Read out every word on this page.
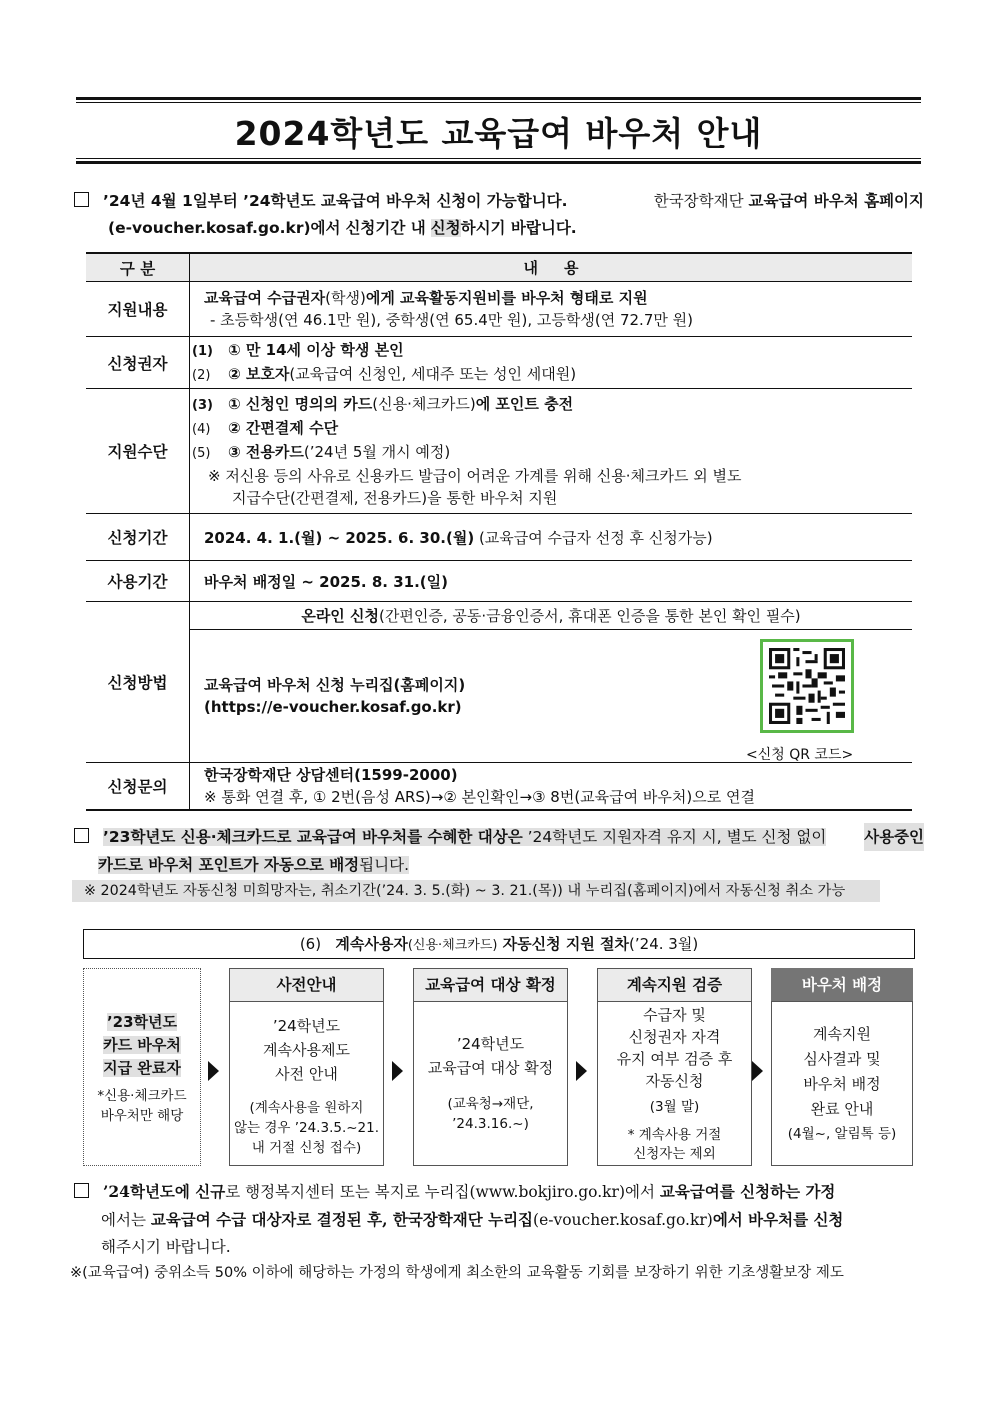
2024학년도 교육급여 바우처 안내
’24년 4월 1일부터 ’24학년도 교육급여 바우처 신청이 가능합니다.	한국장학재단 교육급여 바우처 홈페이지
(e-voucher.kosaf.go.kr)에서 신청기간 내 신청하시기 바랍니다.
구 분	내     용
지원내용	교육급여 수급권자(학생)에게 교육활동지원비를 바우처 형태로 지원
- 초등학생(연 46.1만 원), 중학생(연 65.4만 원), 고등학생(연 72.7만 원)

신청권자	(1) ① 만 14세 이상 학생 본인
(2) ② 보호자(교육급여 신청인, 세대주 또는 성인 세대원)

지원수단	(3) ① 신청인 명의의 카드(신용·체크카드)에 포인트 충전
(4) ② 간편결제 수단
(5) ③ 전용카드(’24년 5월 개시 예정)
※ 저신용 등의 사유로 신용카드 발급이 어려운 가계를 위해 신용·체크카드 외 별도
지급수단(간편결제, 전용카드)을 통한 바우처 지원

신청기간	2024. 4. 1.(월) ~ 2025. 6. 30.(월) (교육급여 수급자 선정 후 신청가능)
사용기간	바우처 배정일 ~ 2025. 8. 31.(일)
신청방법	온라인 신청(간편인증, 공동·금융인증서, 휴대폰 인증을 통한 본인 확인 필수)

	교육급여 바우처 신청 누리집(홈페이지)
(https://e-voucher.kosaf.go.kr)

신청문의	한국장학재단 상담센터(1599-2000)
※ 통화 연결 후, ① 2번(음성 ARS)→② 본인확인→③ 8번(교육급여 바우처)으로 연결
<신청 QR 코드>
’23학년도 신용·체크카드로 교육급여 바우처를 수혜한 대상은 ’24학년도 지원자격 유지 시, 별도 신청 없이 사용중인
카드로 바우처 포인트가 자동으로 배정됩니다.
※ 2024학년도 자동신청 미희망자는, 취소기간(’24. 3. 5.(화) ~ 3. 21.(목)) 내 누리집(홈페이지)에서 자동신청 취소 가능
(6) 계속사용자(신용·체크카드) 자동신청 지원 절차(’24. 3월)
’23학년도
카드 바우처
지급 완료자
*신용·체크카드
바우처만 해당
사전안내
’24학년도
계속사용제도
사전 안내
(계속사용을 원하지
않는 경우 ’24.3.5.~21.
내 거절 신청 접수)
교육급여 대상 확정
’24학년도
교육급여 대상 확정
(교육청→재단,
’24.3.16.~)
계속지원 검증
수급자 및
신청권자 자격
유지 여부 검증 후
자동신청
(3월 말)
* 계속사용 거절
신청자는 제외
바우처 배정
계속지원
심사결과 및
바우처 배정
완료 안내
(4월~, 알림톡 등)
’24학년도에 신규로 행정복지센터 또는 복지로 누리집(www.bokjiro.go.kr)에서 교육급여를 신청하는 가정
에서는 교육급여 수급 대상자로 결정된 후, 한국장학재단 누리집(e-voucher.kosaf.go.kr)에서 바우처를 신청
해주시기 바랍니다.
※(교육급여) 중위소득 50% 이하에 해당하는 가정의 학생에게 최소한의 교육활동 기회를 보장하기 위한 기초생활보장 제도
